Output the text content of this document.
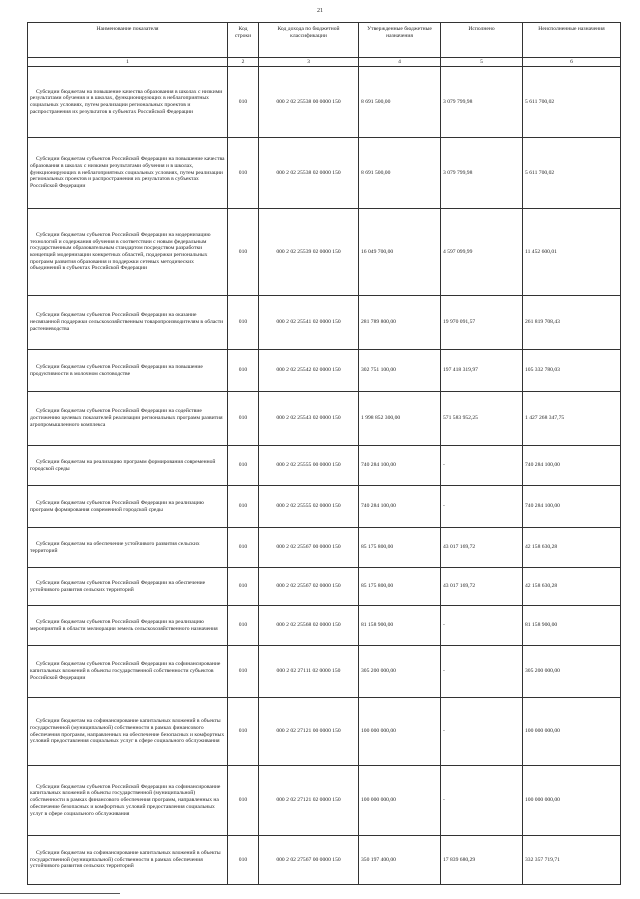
21
Наименование показателя	Код строки	Код дохода по бюджетной классификации	Утвержденные бюджетные назначения	Исполнено	Неисполненные назначения
1	2	3	4	5	6
Субсидии бюджетам на повышение качества образования в школах с низкими результатами обучения и в школах, функционирующих в неблагоприятных социальных условиях, путем реализации региональных проектов и распространения их результатов в субъектах Российской Федерации	010	000 2 02 25538 00 0000 150	8 691 500,00	3 079 799,98	5 611 700,02
Субсидии бюджетам субъектов Российской Федерации на повышение качества образования в школах с низкими результатами обучения и в школах, функционирующих в неблагоприятных социальных условиях, путем реализации региональных проектов и распространения их результатов в субъектах Российской Федерации	010	000 2 02 25538 02 0000 150	8 691 500,00	3 079 799,98	5 611 700,02
Субсидии бюджетам субъектов Российской Федерации на модернизацию технологий и содержания обучения в соответствии с новым федеральным государственным образовательным стандартом посредством разработки концепций модернизации конкретных областей, поддержки региональных программ развития образования и поддержки сетевых методических объединений в субъектах Российской Федерации	010	000 2 02 25539 02 0000 150	16 049 700,00	4 597 099,99	11 452 600,01
Субсидии бюджетам субъектов Российской Федерации на оказание несвязанной поддержки сельскохозяйственным товаропроизводителям в области растениеводства	010	000 2 02 25541 02 0000 150	281 789 800,00	19 970 091,57	261 819 708,43
Субсидии бюджетам субъектов Российской Федерации на повышение продуктивности в молочном скотоводстве	010	000 2 02 25542 02 0000 150	302 751 100,00	197 418 319,97	105 332 780,03
Субсидии бюджетам субъектов Российской Федерации на содействие достижению целевых показателей реализации региональных программ развития агропромышленного комплекса	010	000 2 02 25543 02 0000 150	1 998 852 300,00	571 583 952,25	1 427 268 347,75
Субсидии бюджетам на реализацию программ формирования современной городской среды	010	000 2 02 25555 00 0000 150	740 284 100,00	-	740 284 100,00
Субсидии бюджетам субъектов Российской Федерации на реализацию программ формирования современной городской среды	010	000 2 02 25555 02 0000 150	740 284 100,00	-	740 284 100,00
Субсидии бюджетам на обеспечение устойчивого развития сельских территорий	010	000 2 02 25567 00 0000 150	85 175 800,00	43 017 169,72	42 158 630,28
Субсидии бюджетам субъектов Российской Федерации на обеспечение устойчивого развития сельских территорий	010	000 2 02 25567 02 0000 150	85 175 800,00	43 017 169,72	42 158 630,28
Субсидии бюджетам субъектов Российской Федерации на реализацию мероприятий в области мелиорации земель сельскохозяйственного назначения	010	000 2 02 25568 02 0000 150	81 158 900,00	-	81 158 900,00
Субсидии бюджетам субъектов Российской Федерации на софинансирование капитальных вложений в объекты государственной собственности субъектов Российской Федерации	010	000 2 02 27111 02 0000 150	305 200 000,00	-	305 200 000,00
Субсидии бюджетам на софинансирование капитальных вложений в объекты государственной (муниципальной) собственности в рамках финансового обеспечения программ, направленных на обеспечение безопасных и комфортных условий предоставления социальных услуг в сфере социального обслуживания	010	000 2 02 27121 00 0000 150	100 000 000,00	-	100 000 000,00
Субсидии бюджетам субъектов Российской Федерации на софинансирование капитальных вложений в объекты государственной (муниципальной) собственности в рамках финансового обеспечения программ, направленных на обеспечение безопасных и комфортных условий предоставления социальных услуг в сфере социального обслуживания	010	000 2 02 27121 02 0000 150	100 000 000,00	-	100 000 000,00
Субсидии бюджетам на софинансирование капитальных вложений в объекты государственной (муниципальной) собственности в рамках обеспечения устойчивого развития сельских территорий	010	000 2 02 27567 00 0000 150	350 197 400,00	17 839 680,29	332 357 719,71
